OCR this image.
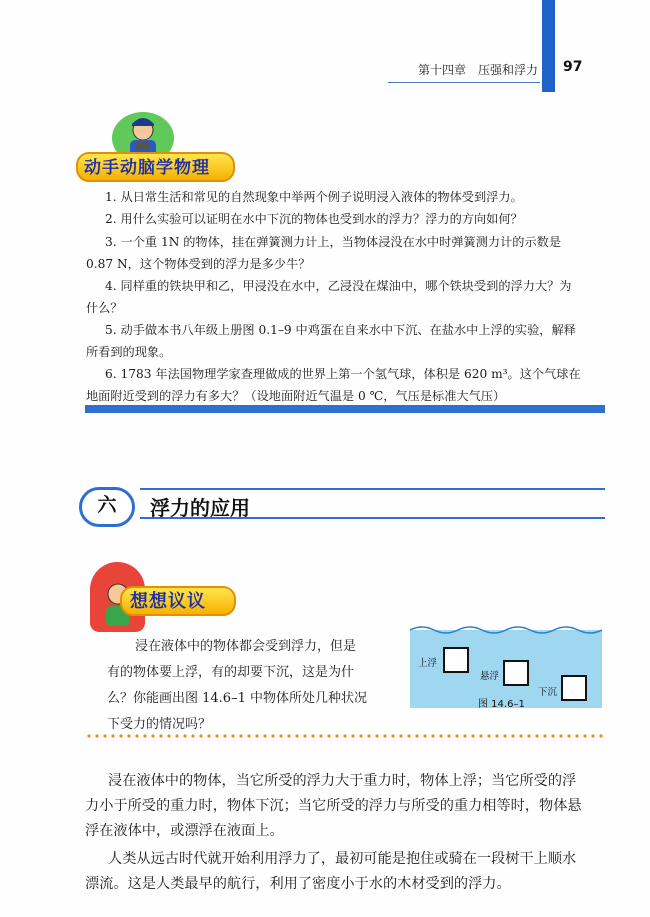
第十四章　压强和浮力 97
动手动脑学物理
1. 从日常生活和常见的自然现象中举两个例子说明浸入液体的物体受到浮力。
2. 用什么实验可以证明在水中下沉的物体也受到水的浮力？浮力的方向如何？
3. 一个重 1N 的物体，挂在弹簧测力计上，当物体浸没在水中时弹簧测力计的示数是
0.87 N，这个物体受到的浮力是多少牛？
4. 同样重的铁块甲和乙，甲浸没在水中，乙浸没在煤油中，哪个铁块受到的浮力大？为
什么？
5. 动手做本书八年级上册图 0.1–9 中鸡蛋在自来水中下沉、在盐水中上浮的实验，解释
所看到的现象。
6. 1783 年法国物理学家查理做成的世界上第一个氢气球，体积是 620 m³。这个气球在
地面附近受到的浮力有多大？（设地面附近气温是 0 ℃，气压是标准大气压）
六	浮力的应用
想想议议
浸在液体中的物体都会受到浮力，但是
有的物体要上浮，有的却要下沉，这是为什
么？你能画出图 14.6–1 中物体所处几种状况
下受力的情况吗？
上浮
悬浮
下沉
图 14.6–1
浸在液体中的物体，当它所受的浮力大于重力时，物体上浮；当它所受的浮
力小于所受的重力时，物体下沉；当它所受的浮力与所受的重力相等时，物体悬
浮在液体中，或漂浮在液面上。
人类从远古时代就开始利用浮力了，最初可能是抱住或骑在一段树干上顺水
漂流。这是人类最早的航行，利用了密度小于水的木材受到的浮力。
